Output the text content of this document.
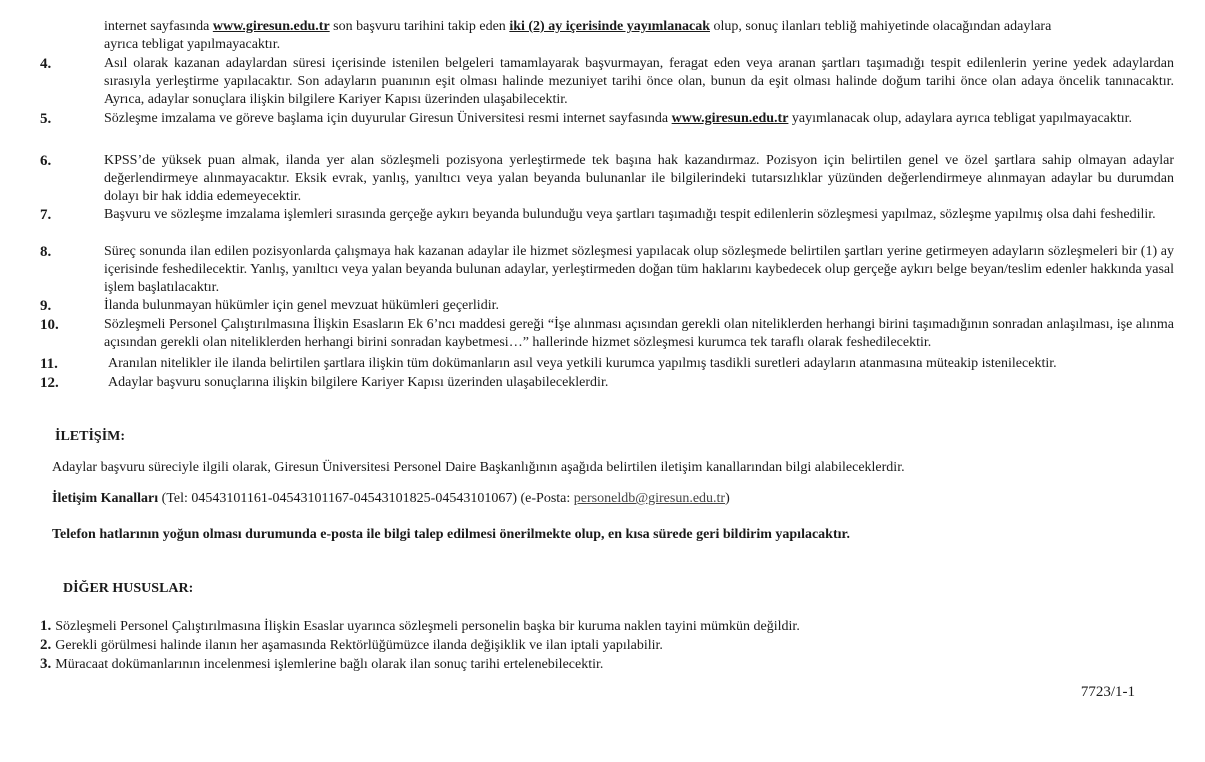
internet sayfasında www.giresun.edu.tr son başvuru tarihini takip eden iki (2) ay içerisinde yayımlanacak olup, sonuç ilanları tebliğ mahiyetinde olacağından adaylara
ayrıca tebligat yapılmayacaktır.
4.	Asıl olarak kazanan adaylardan süresi içerisinde istenilen belgeleri tamamlayarak başvurmayan, feragat eden veya aranan şartları taşımadığı tespit edilenlerin yerine yedek adaylardan sırasıyla yerleştirme yapılacaktır. Son adayların puanının eşit olması halinde mezuniyet tarihi önce olan, bunun da eşit olması halinde doğum tarihi önce olan adaya öncelik tanınacaktır. Ayrıca, adaylar sonuçlara ilişkin bilgilere Kariyer Kapısı üzerinden ulaşabilecektir.
5.	Sözleşme imzalama ve göreve başlama için duyurular Giresun Üniversitesi resmi internet sayfasında www.giresun.edu.tr yayımlanacak olup, adaylara ayrıca tebligat yapılmayacaktır.
6.	KPSS’de yüksek puan almak, ilanda yer alan sözleşmeli pozisyona yerleştirmede tek başına hak kazandırmaz. Pozisyon için belirtilen genel ve özel şartlara sahip olmayan adaylar değerlendirmeye alınmayacaktır. Eksik evrak, yanlış, yanıltıcı veya yalan beyanda bulunanlar ile bilgilerindeki tutarsızlıklar yüzünden değerlendirmeye alınmayan adaylar bu durumdan dolayı bir hak iddia edemeyecektir.
7.	Başvuru ve sözleşme imzalama işlemleri sırasında gerçeğe aykırı beyanda bulunduğu veya şartları taşımadığı tespit edilenlerin sözleşmesi yapılmaz, sözleşme yapılmış olsa dahi feshedilir.
8.	Süreç sonunda ilan edilen pozisyonlarda çalışmaya hak kazanan adaylar ile hizmet sözleşmesi yapılacak olup sözleşmede belirtilen şartları yerine getirmeyen adayların sözleşmeleri bir (1) ay içerisinde feshedilecektir. Yanlış, yanıltıcı veya yalan beyanda bulunan adaylar, yerleştirmeden doğan tüm haklarını kaybedecek olup gerçeğe aykırı belge beyan/teslim edenler hakkında yasal işlem başlatılacaktır.
9.	İlanda bulunmayan hükümler için genel mevzuat hükümleri geçerlidir.
10.	Sözleşmeli Personel Çalıştırılmasına İlişkin Esasların Ek 6’ncı maddesi gereği “İşe alınması açısından gerekli olan niteliklerden herhangi birini taşımadığının sonradan anlaşılması, işe alınma açısından gerekli olan niteliklerden herhangi birini sonradan kaybetmesi…” hallerinde hizmet sözleşmesi kurumca tek taraflı olarak feshedilecektir.
11.	Aranılan nitelikler ile ilanda belirtilen şartlara ilişkin tüm dokümanların asıl veya yetkili kurumca yapılmış tasdikli suretleri adayların atanmasına müteakip istenilecektir.
12.	Adaylar başvuru sonuçlarına ilişkin bilgilere Kariyer Kapısı üzerinden ulaşabileceklerdir.
İLETİŞİM:
Adaylar başvuru süreciyle ilgili olarak, Giresun Üniversitesi Personel Daire Başkanlığının aşağıda belirtilen iletişim kanallarından bilgi alabileceklerdir.
İletişim Kanalları (Tel: 04543101161-04543101167-04543101825-04543101067) (e-Posta: personeldb@giresun.edu.tr)
Telefon hatlarının yoğun olması durumunda e-posta ile bilgi talep edilmesi önerilmekte olup, en kısa sürede geri bildirim yapılacaktır.
DİĞER HUSUSLAR:
1. Sözleşmeli Personel Çalıştırılmasına İlişkin Esaslar uyarınca sözleşmeli personelin başka bir kuruma naklen tayini mümkün değildir.
2. Gerekli görülmesi halinde ilanın her aşamasında Rektörlüğümüzce ilanda değişiklik ve ilan iptali yapılabilir.
3. Müracaat dokümanlarının incelenmesi işlemlerine bağlı olarak ilan sonuç tarihi ertelenebilecektir.
7723/1-1
